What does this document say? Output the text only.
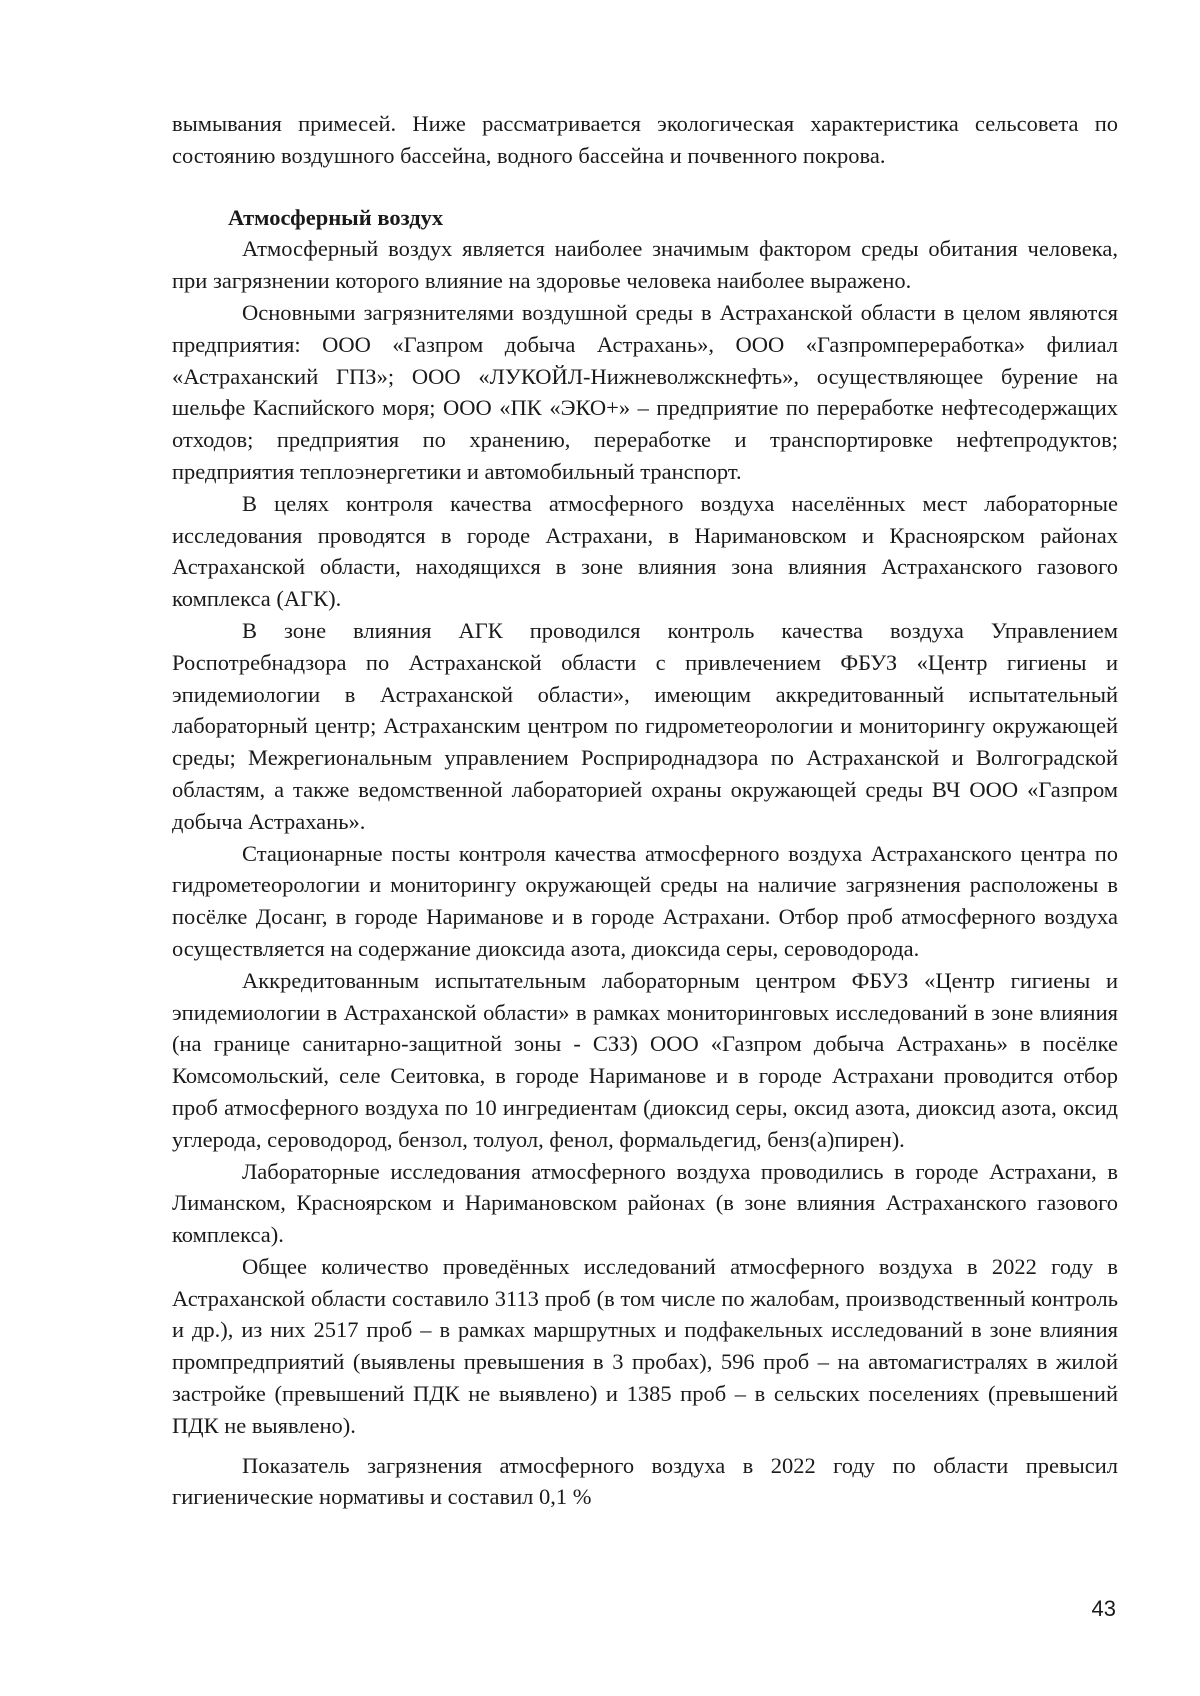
вымывания примесей. Ниже рассматривается экологическая характеристика сельсовета по состоянию воздушного бассейна, водного бассейна и почвенного покрова.

Атмосферный воздух

Атмосферный воздух является наиболее значимым фактором среды обитания человека, при загрязнении которого влияние на здоровье человека наиболее выражено.

Основными загрязнителями воздушной среды в Астраханской области в целом являются предприятия: ООО «Газпром добыча Астрахань», ООО «Газпромпереработка» филиал «Астраханский ГПЗ»; ООО «ЛУКОЙЛ-Нижневолжскнефть», осуществляющее бурение на шельфе Каспийского моря; ООО «ПК «ЭКО+» – предприятие по переработке нефтесодержащих отходов; предприятия по хранению, переработке и транспортировке нефтепродуктов; предприятия теплоэнергетики и автомобильный транспорт.

В целях контроля качества атмосферного воздуха населённых мест лабораторные исследования проводятся в городе Астрахани, в Наримановском и Красноярском районах Астраханской области, находящихся в зоне влияния зона влияния Астраханского газового комплекса (АГК).

В зоне влияния АГК проводился контроль качества воздуха Управлением Роспотребнадзора по Астраханской области с привлечением ФБУЗ «Центр гигиены и эпидемиологии в Астраханской области», имеющим аккредитованный испытательный лабораторный центр; Астраханским центром по гидрометеорологии и мониторингу окружающей среды; Межрегиональным управлением Росприроднадзора по Астраханской и Волгоградской областям, а также ведомственной лабораторией охраны окружающей среды ВЧ ООО «Газпром добыча Астрахань».

Стационарные посты контроля качества атмосферного воздуха Астраханского центра по гидрометеорологии и мониторингу окружающей среды на наличие загрязнения расположены в посёлке Досанг, в городе Нариманове и в городе Астрахани. Отбор проб атмосферного воздуха осуществляется на содержание диоксида азота, диоксида серы, сероводорода.

Аккредитованным испытательным лабораторным центром ФБУЗ «Центр гигиены и эпидемиологии в Астраханской области» в рамках мониторинговых исследований в зоне влияния (на границе санитарно-защитной зоны - СЗЗ) ООО «Газпром добыча Астрахань» в посёлке Комсомольский, селе Сеитовка, в городе Нариманове и в городе Астрахани проводится отбор проб атмосферного воздуха по 10 ингредиентам (диоксид серы, оксид азота, диоксид азота, оксид углерода, сероводород, бензол, толуол, фенол, формальдегид, бенз(а)пирен).

Лабораторные исследования атмосферного воздуха проводились в городе Астрахани, в Лиманском, Красноярском и Наримановском районах (в зоне влияния Астраханского газового комплекса).

Общее количество проведённых исследований атмосферного воздуха в 2022 году в Астраханской области составило 3113 проб (в том числе по жалобам, производственный контроль и др.), из них 2517 проб – в рамках маршрутных и подфакельных исследований в зоне влияния промпредприятий (выявлены превышения в 3 пробах), 596 проб – на автомагистралях в жилой застройке (превышений ПДК не выявлено) и 1385 проб – в сельских поселениях (превышений ПДК не выявлено).

Показатель загрязнения атмосферного воздуха в 2022 году по области превысил гигиенические нормативы и составил 0,1 %

43
